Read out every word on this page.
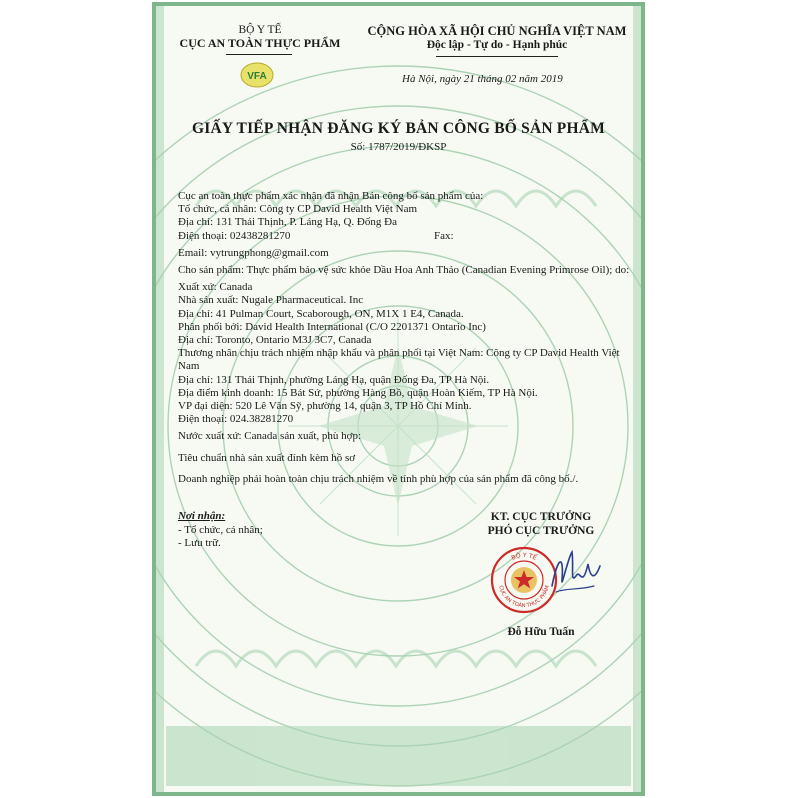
BỘ Y TẾ
CỤC AN TOÀN THỰC PHẨM
VFA
CỘNG HÒA XÃ HỘI CHỦ NGHĨA VIỆT NAM
Độc lập - Tự do - Hạnh phúc
Hà Nội, ngày 21 tháng 02 năm 2019
GIẤY TIẾP NHẬN ĐĂNG KÝ BẢN CÔNG BỐ SẢN PHẨM
Số: 1787/2019/ĐKSP
Cục an toàn thực phẩm xác nhận đã nhận Bản công bố sản phẩm của:
Tổ chức, cá nhân: Công ty CP David Health Việt Nam
Địa chỉ: 131 Thái Thịnh, P. Láng Hạ, Q. Đống Đa
Điện thoại: 02438281270	Fax:
Email: vytrungphong@gmail.com
Cho sản phẩm: Thực phẩm bảo vệ sức khỏe Dầu Hoa Anh Thảo (Canadian Evening Primrose Oil); do:
Xuất xứ: Canada
Nhà sản xuất: Nugale Pharmaceutical. Inc
Địa chỉ: 41 Pulman Court, Scaborough, ON, M1X 1 E4, Canada.
Phân phối bởi: David Health International (C/O 2201371 Ontario Inc)
Địa chỉ: Toronto, Ontario M3J 3C7, Canada
Thương nhân chịu trách nhiệm nhập khẩu và phân phối tại Việt Nam: Công ty CP David Health Việt Nam
Địa chỉ: 131 Thái Thịnh, phường Láng Hạ, quận Đống Đa, TP Hà Nội.
Địa điểm kinh doanh: 15 Bát Sứ, phường Hàng Bồ, quận Hoàn Kiếm, TP Hà Nội.
VP đại diện: 520 Lê Văn Sỹ, phường 14, quận 3, TP Hồ Chí Minh.
Điện thoại: 024.38281270
Nước xuất xứ: Canada sản xuất, phù hợp:
Tiêu chuẩn nhà sản xuất đính kèm hồ sơ
Doanh nghiệp phải hoàn toàn chịu trách nhiệm về tính phù hợp của sản phẩm đã công bố./.
Nơi nhận:
- Tổ chức, cá nhân;
- Lưu trữ.
KT. CỤC TRƯỞNG
PHÓ CỤC TRƯỞNG
BỘ Y TẾ
CỤC AN TOÀN THỰC PHẨM
Đỗ Hữu Tuấn
